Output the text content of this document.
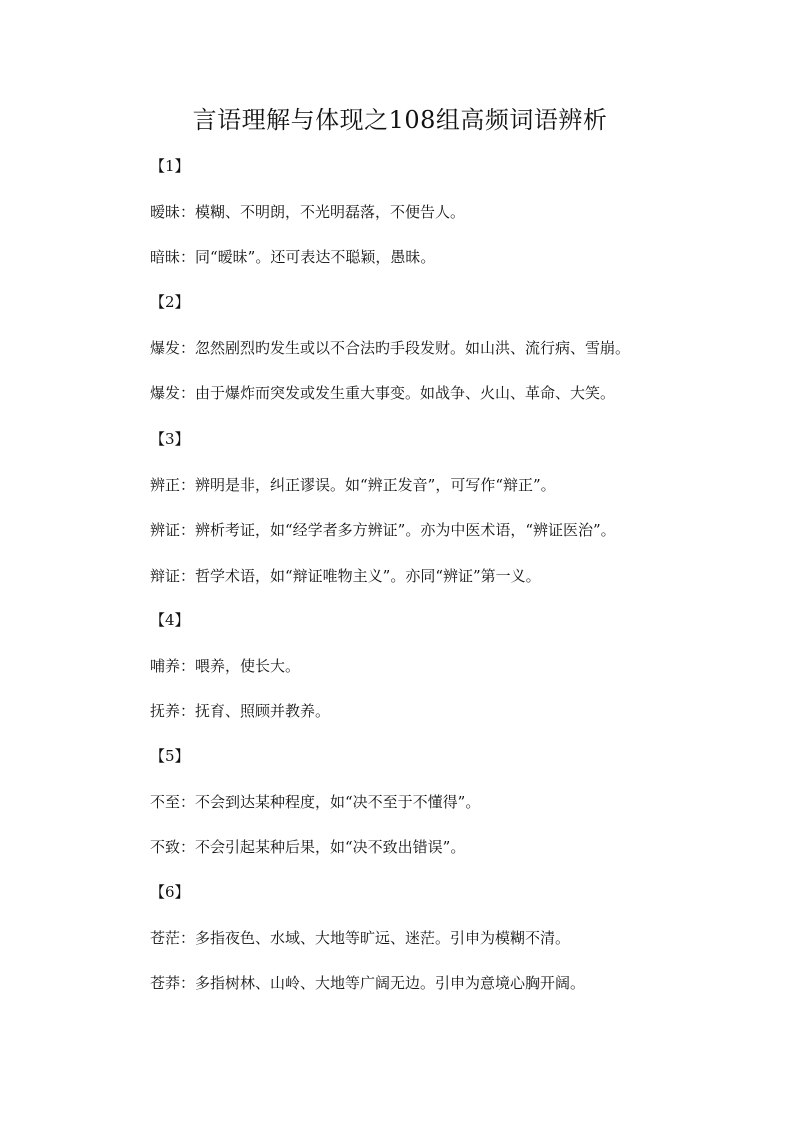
言语理解与体现之108组高频词语辨析
【1】
暧昧：模糊、不明朗，不光明磊落，不便告人。
暗昧：同“暧昧”。还可表达不聪颖，愚昧。
【2】
爆发：忽然剧烈旳发生或以不合法旳手段发财。如山洪、流行病、雪崩。
爆发：由于爆炸而突发或发生重大事变。如战争、火山、革命、大笑。
【3】
辨正：辨明是非，纠正谬误。如“辨正发音”，可写作“辩正”。
辨证：辨析考证，如“经学者多方辨证”。亦为中医术语，“辨证医治”。
辩证：哲学术语，如“辩证唯物主义”。亦同“辨证”第一义。
【4】
哺养：喂养，使长大。
抚养：抚育、照顾并教养。
【5】
不至：不会到达某种程度，如“决不至于不懂得”。
不致：不会引起某种后果，如“决不致出错误”。
【6】
苍茫：多指夜色、水域、大地等旷远、迷茫。引申为模糊不清。
苍莽：多指树林、山岭、大地等广阔无边。引申为意境心胸开阔。
